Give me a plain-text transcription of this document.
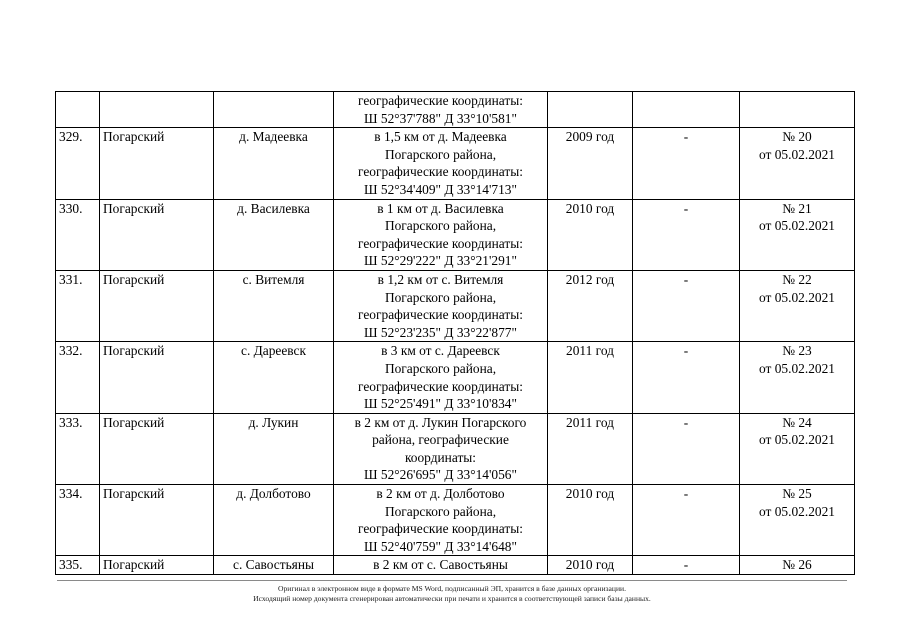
			географические координаты:
Ш 52°37'788" Д 33°10'581"			

329.	Погарский	д. Мадеевка	в 1,5 км от д. Мадеевка
Погарского района,
географические координаты:
Ш 52°34'409" Д 33°14'713"	2009 год	-	№ 20
от 05.02.2021

330.	Погарский	д. Василевка	в 1 км от д. Василевка
Погарского района,
географические координаты:
Ш 52°29'222" Д 33°21'291"	2010 год	-	№ 21
от 05.02.2021

331.	Погарский	с. Витемля	в 1,2 км от с. Витемля
Погарского района,
географические координаты:
Ш 52°23'235" Д 33°22'877"	2012 год	-	№ 22
от 05.02.2021

332.	Погарский	с. Дареевск	в 3 км от с. Дареевск
Погарского района,
географические координаты:
Ш 52°25'491" Д 33°10'834"	2011 год	-	№ 23
от 05.02.2021

333.	Погарский	д. Лукин	в 2 км от д. Лукин Погарского
района, географические
координаты:
Ш 52°26'695" Д 33°14'056"	2011 год	-	№ 24
от 05.02.2021

334.	Погарский	д. Долботово	в 2 км от д. Долботово
Погарского района,
географические координаты:
Ш 52°40'759" Д 33°14'648"	2010 год	-	№ 25
от 05.02.2021

335.	Погарский	с. Савостьяны	в 2 км от с. Савостьяны	2010 год	-	№ 26
Оригинал в электронном виде в формате MS Word, подписанный ЭП, хранится в базе данных организации.
Исходящий номер документа сгенерирован автоматически при печати и хранится в соответствующей записи базы данных.
